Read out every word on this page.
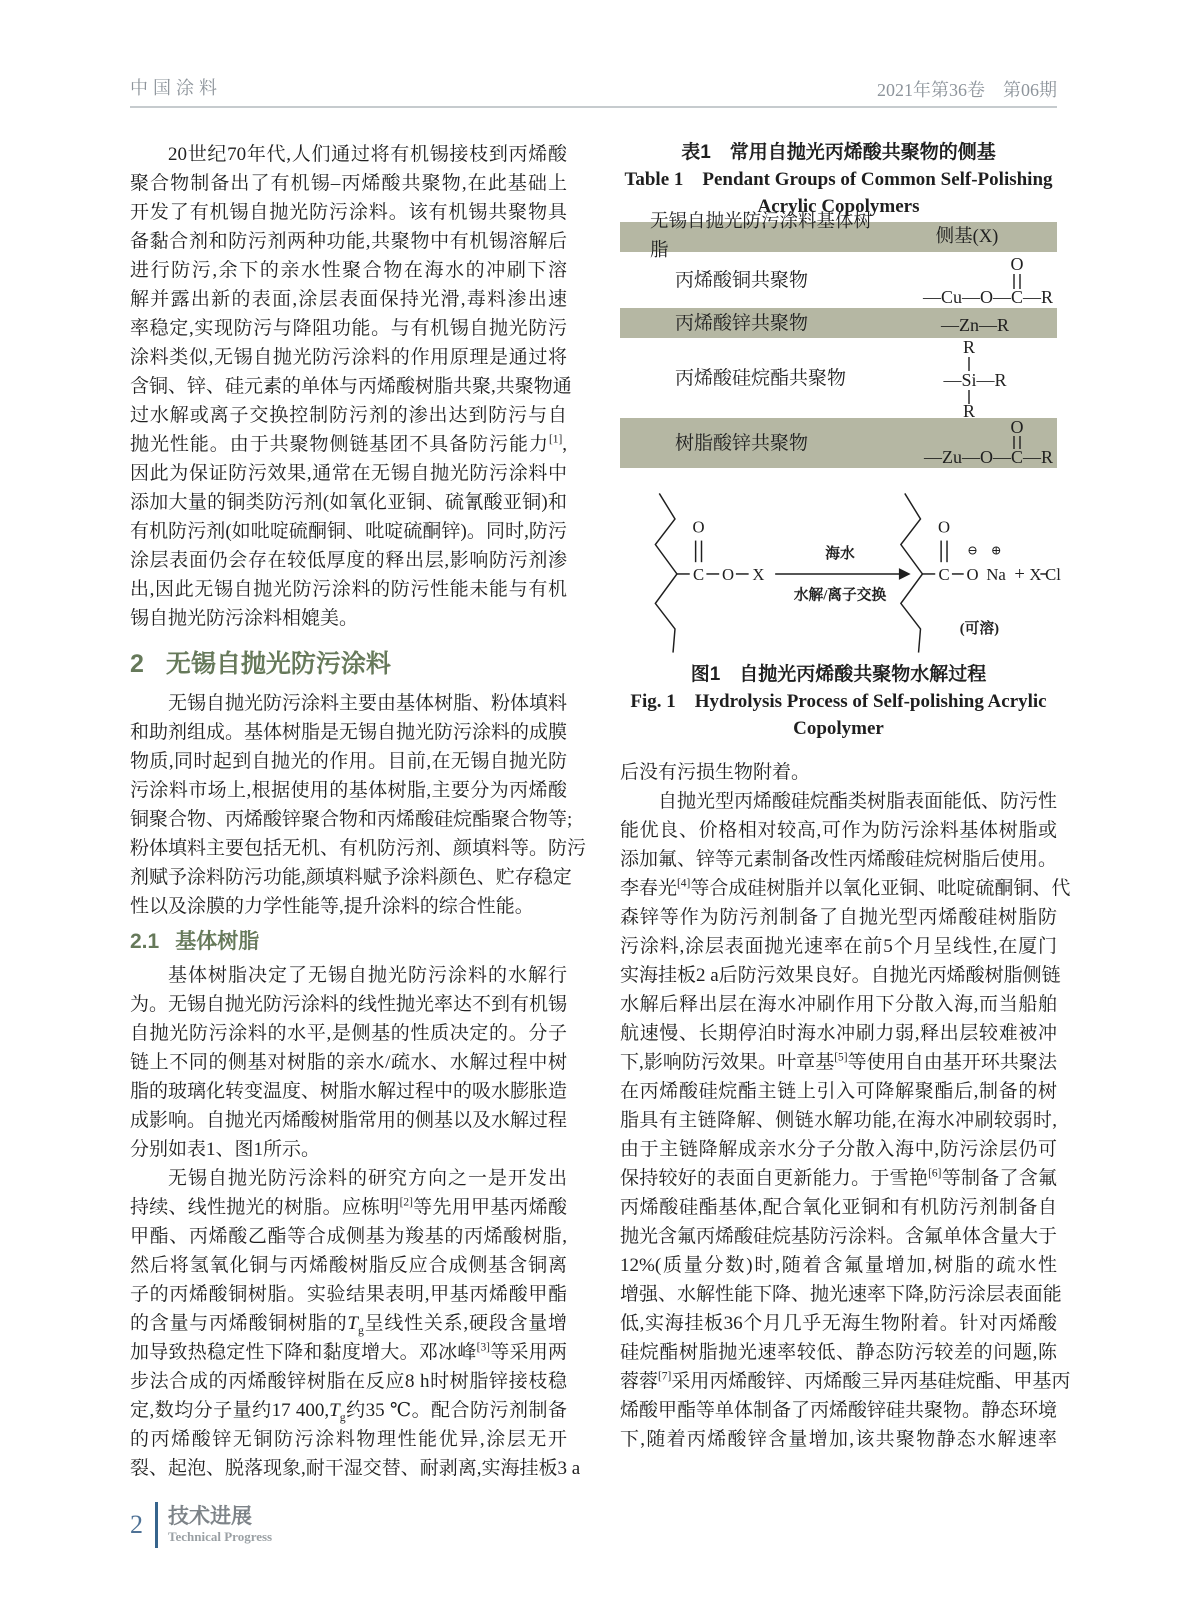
中国涂料	2021年第36卷　第06期
20世纪70年代,人们通过将有机锡接枝到丙烯酸
聚合物制备出了有机锡–丙烯酸共聚物,在此基础上
开发了有机锡自抛光防污涂料。该有机锡共聚物具
备黏合剂和防污剂两种功能,共聚物中有机锡溶解后
进行防污,余下的亲水性聚合物在海水的冲刷下溶
解并露出新的表面,涂层表面保持光滑,毒料渗出速
率稳定,实现防污与降阻功能。与有机锡自抛光防污
涂料类似,无锡自抛光防污涂料的作用原理是通过将
含铜、锌、硅元素的单体与丙烯酸树脂共聚,共聚物通
过水解或离子交换控制防污剂的渗出达到防污与自
抛光性能。由于共聚物侧链基团不具备防污能力[1],
因此为保证防污效果,通常在无锡自抛光防污涂料中
添加大量的铜类防污剂(如氧化亚铜、硫氰酸亚铜)和
有机防污剂(如吡啶硫酮铜、吡啶硫酮锌)。同时,防污
涂层表面仍会存在较低厚度的释出层,影响防污剂渗
出,因此无锡自抛光防污涂料的防污性能未能与有机
锡自抛光防污涂料相媲美。
2 无锡自抛光防污涂料
无锡自抛光防污涂料主要由基体树脂、粉体填料
和助剂组成。基体树脂是无锡自抛光防污涂料的成膜
物质,同时起到自抛光的作用。目前,在无锡自抛光防
污涂料市场上,根据使用的基体树脂,主要分为丙烯酸
铜聚合物、丙烯酸锌聚合物和丙烯酸硅烷酯聚合物等;
粉体填料主要包括无机、有机防污剂、颜填料等。防污
剂赋予涂料防污功能,颜填料赋予涂料颜色、贮存稳定
性以及涂膜的力学性能等,提升涂料的综合性能。
2.1 基体树脂
基体树脂决定了无锡自抛光防污涂料的水解行
为。无锡自抛光防污涂料的线性抛光率达不到有机锡
自抛光防污涂料的水平,是侧基的性质决定的。分子
链上不同的侧基对树脂的亲水/疏水、水解过程中树
脂的玻璃化转变温度、树脂水解过程中的吸水膨胀造
成影响。自抛光丙烯酸树脂常用的侧基以及水解过程
分别如表1、图1所示。
无锡自抛光防污涂料的研究方向之一是开发出
持续、线性抛光的树脂。应栋明[2]等先用甲基丙烯酸
甲酯、丙烯酸乙酯等合成侧基为羧基的丙烯酸树脂,
然后将氢氧化铜与丙烯酸树脂反应合成侧基含铜离
子的丙烯酸铜树脂。实验结果表明,甲基丙烯酸甲酯
的含量与丙烯酸铜树脂的$T_g$呈线性关系,硬段含量增
加导致热稳定性下降和黏度增大。邓冰峰[3]等采用两
步法合成的丙烯酸锌树脂在反应8 h时树脂锌接枝稳
定,数均分子量约17 $400,T_g$约35 ℃。配合防污剂制备
的丙烯酸锌无铜防污涂料物理性能优异,涂层无开
裂、起泡、脱落现象,耐干湿交替、耐剥离,实海挂板3 a
表1　常用自抛光丙烯酸共聚物的侧基
Table 1　Pendant Groups of Common Self-Polishing
Acrylic Copolymers
无锡自抛光防污涂料基体树脂
侧基(X)
丙烯酸铜共聚物
O
—Cu—O—C—R
丙烯酸锌共聚物	—Zn—R
丙烯酸硅烷酯共聚物
R
—Si—R
R
树脂酸锌共聚物
O
—Zu—O—C—R
C
O
O X
海水
水解/离子交换
C
O
O
⊖ ⊕
Na + X Cl
(可溶)
图1　自抛光丙烯酸共聚物水解过程
Fig. 1　Hydrolysis Process of Self-polishing Acrylic
Copolymer
后没有污损生物附着。
自抛光型丙烯酸硅烷酯类树脂表面能低、防污性
能优良、价格相对较高,可作为防污涂料基体树脂或
添加氟、锌等元素制备改性丙烯酸硅烷树脂后使用。
李春光[4]等合成硅树脂并以氧化亚铜、吡啶硫酮铜、代
森锌等作为防污剂制备了自抛光型丙烯酸硅树脂防
污涂料,涂层表面抛光速率在前5个月呈线性,在厦门
实海挂板2 a后防污效果良好。自抛光丙烯酸树脂侧链
水解后释出层在海水冲刷作用下分散入海,而当船舶
航速慢、长期停泊时海水冲刷力弱,释出层较难被冲
下,影响防污效果。叶章基[5]等使用自由基开环共聚法
在丙烯酸硅烷酯主链上引入可降解聚酯后,制备的树
脂具有主链降解、侧链水解功能,在海水冲刷较弱时,
由于主链降解成亲水分子分散入海中,防污涂层仍可
保持较好的表面自更新能力。于雪艳[6]等制备了含氟
丙烯酸硅酯基体,配合氧化亚铜和有机防污剂制备自
抛光含氟丙烯酸硅烷基防污涂料。含氟单体含量大于
12%(质量分数)时,随着含氟量增加,树脂的疏水性
增强、水解性能下降、抛光速率下降,防污涂层表面能
低,实海挂板36个月几乎无海生物附着。针对丙烯酸
硅烷酯树脂抛光速率较低、静态防污较差的问题,陈
蓉蓉[7]采用丙烯酸锌、丙烯酸三异丙基硅烷酯、甲基丙
烯酸甲酯等单体制备了丙烯酸锌硅共聚物。静态环境
下,随着丙烯酸锌含量增加,该共聚物静态水解速率
2 技术进展
Technical Progress
